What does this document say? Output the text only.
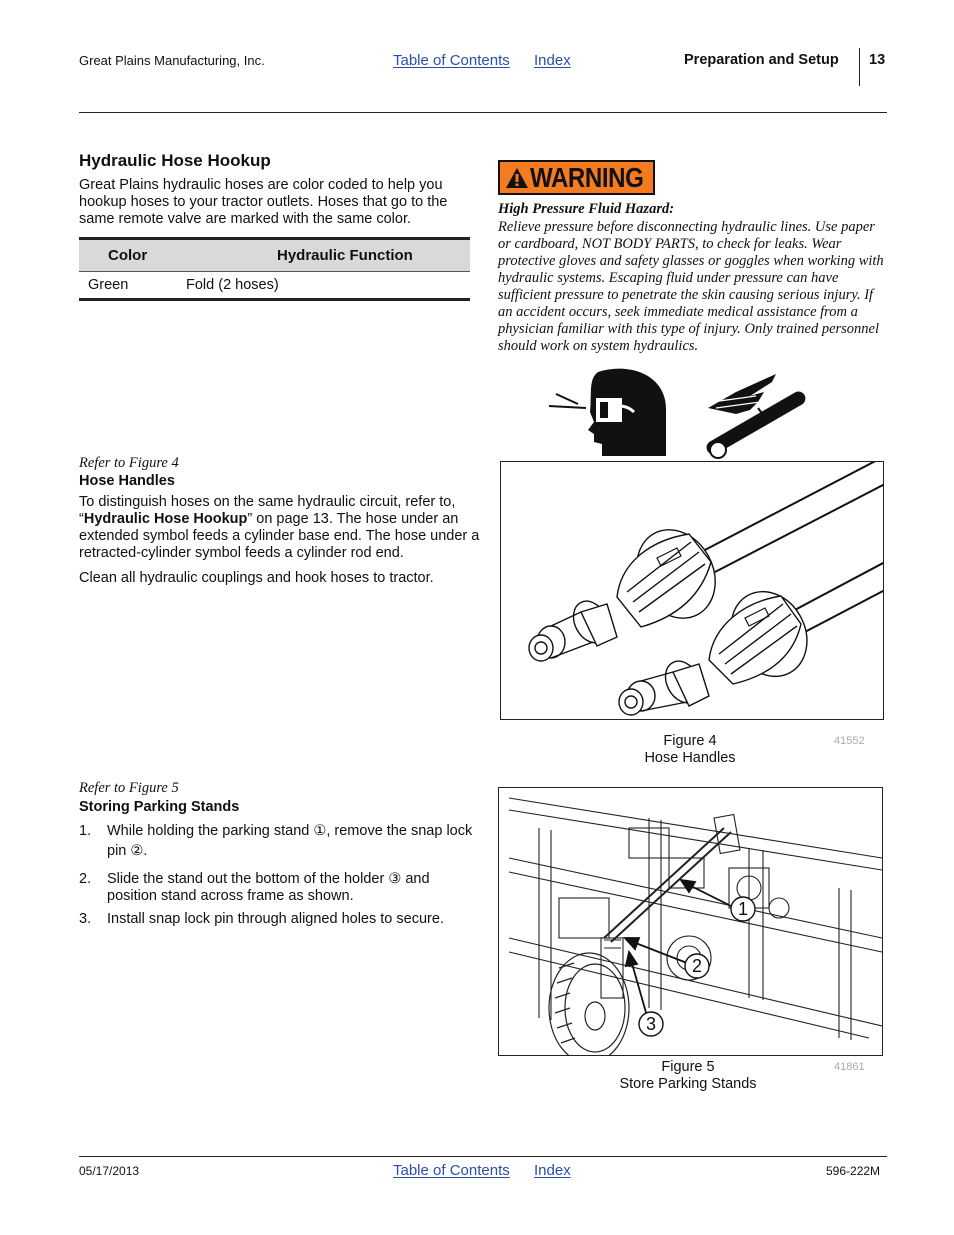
Great Plains Manufacturing, Inc.	Table of Contents Index	Preparation and Setup 13
Hydraulic Hose Hookup
Great Plains hydraulic hoses are color coded to help you hookup hoses to your tractor outlets. Hoses that go to the same remote valve are marked with the same color.
Color	Hydraulic Function
Green	Fold (2 hoses)
WARNING
High Pressure Fluid Hazard:
Relieve pressure before disconnecting hydraulic lines. Use paper or cardboard, NOT BODY PARTS, to check for leaks. Wear protective gloves and safety glasses or goggles when working with hydraulic systems. Escaping fluid under pressure can have sufficient pressure to penetrate the skin causing serious injury. If an accident occurs, seek immediate medical assistance from a physician familiar with this type of injury. Only trained personnel should work on system hydraulics.
Refer to Figure 4
Hose Handles
To distinguish hoses on the same hydraulic circuit, refer to, “Hydraulic Hose Hookup” on page 13. The hose under an extended symbol feeds a cylinder base end. The hose under a retracted-cylinder symbol feeds a cylinder rod end.
Clean all hydraulic couplings and hook hoses to tractor.
Figure 4
Hose Handles
41552
Refer to Figure 5
Storing Parking Stands
1. While holding the parking stand ①, remove the snap lock pin ②.
2. Slide the stand out the bottom of the holder ③ and position stand across frame as shown.
3. Install snap lock pin through aligned holes to secure.	1
2
3
Figure 5
Store Parking Stands
41861
05/17/2013	Table of Contents Index	596-222M
